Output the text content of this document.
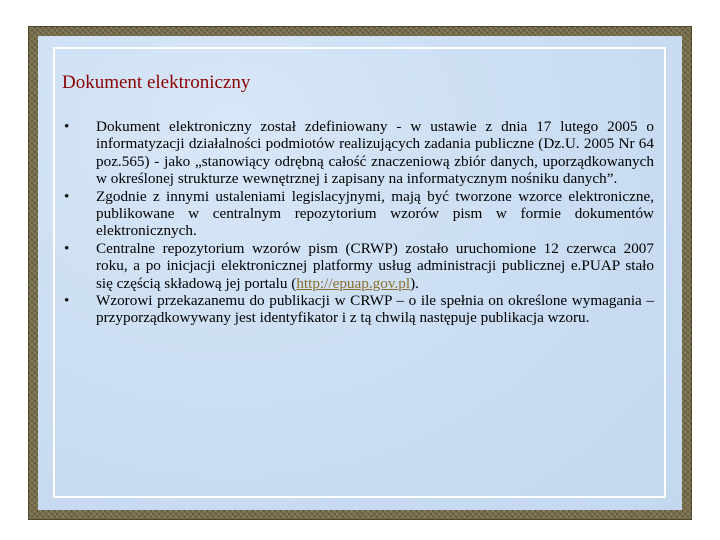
Dokument elektroniczny
• Dokument elektroniczny został zdefiniowany - w ustawie z dnia 17 lutego 2005 o informatyzacji działalności podmiotów realizujących zadania publiczne (Dz.U. 2005 Nr 64 poz.565) - jako „stanowiący odrębną całość znaczeniową zbiór danych, uporządkowanych w określonej strukturze wewnętrznej i zapisany na informatycznym nośniku danych”.
• Zgodnie z innymi ustaleniami legislacyjnymi, mają być tworzone wzorce elektroniczne, publikowane w centralnym repozytorium wzorów pism w formie dokumentów elektronicznych.
• Centralne repozytorium wzorów pism (CRWP) zostało uruchomione 12 czerwca 2007 roku, a po inicjacji elektronicznej platformy usług administracji publicznej e.PUAP stało się częścią składową jej portalu (http://epuap.gov.pl).
• Wzorowi przekazanemu do publikacji w CRWP – o ile spełnia on określone wymagania – przyporządkowywany jest identyfikator i z tą chwilą następuje publikacja wzoru.
